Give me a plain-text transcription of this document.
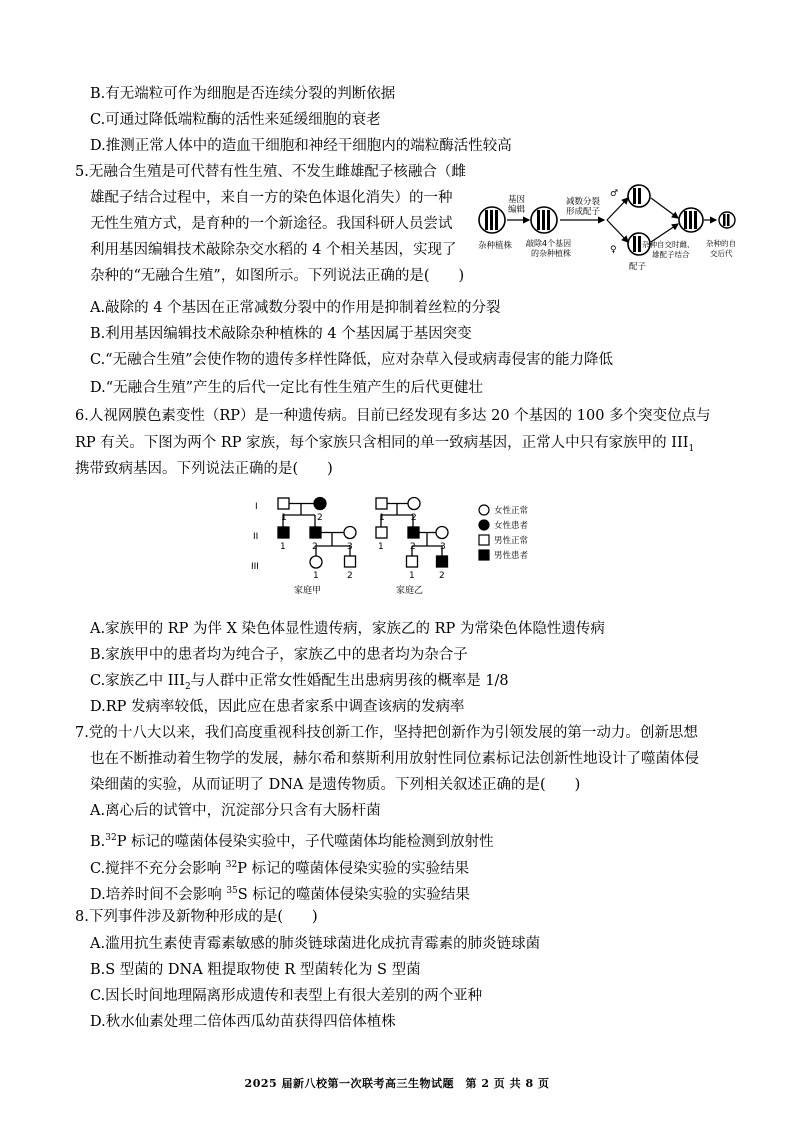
B.有无端粒可作为细胞是否连续分裂的判断依据
C.可通过降低端粒酶的活性来延缓细胞的衰老
D.推测正常人体中的造血干细胞和神经干细胞内的端粒酶活性较高
5.无融合生殖是可代替有性生殖、不发生雌雄配子核融合（雌
雄配子结合过程中，来自一方的染色体退化消失）的一种
无性生殖方式，是育种的一个新途径。我国科研人员尝试
利用基因编辑技术敲除杂交水稻的 4 个相关基因，实现了
杂种的“无融合生殖”，如图所示。下列说法正确的是(　　)
杂种植株
基因
编辑
敲除4个基因
的杂种植株
减数分裂
形成配子
♂
♀
配子
杂种自交时雌、
雄配子结合
杂种的自
交后代
A.敲除的 4 个基因在正常减数分裂中的作用是抑制着丝粒的分裂
B.利用基因编辑技术敲除杂种植株的 4 个基因属于基因突变
C.“无融合生殖”会使作物的遗传多样性降低，应对杂草入侵或病毒侵害的能力降低
D.“无融合生殖”产生的后代一定比有性生殖产生的后代更健壮
6.人视网膜色素变性（RP）是一种遗传病。目前已经发现有多达 20 个基因的 100 多个突变位点与
RP 有关。下图为两个 RP 家族，每个家族只含相同的单一致病基因，正常人中只有家族甲的 $III_1$
携带致病基因。下列说法正确的是(　　)
I
II
III
1	2
1	2	3
1	2
家庭甲
1	2
1	2	3
1	2
家庭乙
女性正常
女性患者
男性正常
男性患者
A.家族甲的 RP 为伴 X 染色体显性遗传病，家族乙的 RP 为常染色体隐性遗传病
B.家族甲中的患者均为纯合子，家族乙中的患者均为杂合子
C.家族乙中 $III_2$与人群中正常女性婚配生出患病男孩的概率是 1/8
D.RP 发病率较低，因此应在患者家系中调查该病的发病率
7.党的十八大以来，我们高度重视科技创新工作，坚持把创新作为引领发展的第一动力。创新思想
也在不断推动着生物学的发展，赫尔希和蔡斯利用放射性同位素标记法创新性地设计了噬菌体侵
染细菌的实验，从而证明了 DNA 是遗传物质。下列相关叙述正确的是(　　)
A.离心后的试管中，沉淀部分只含有大肠杆菌
B.$^{32}$P 标记的噬菌体侵染实验中，子代噬菌体均能检测到放射性
C.搅拌不充分会影响 $^{32}$P 标记的噬菌体侵染实验的实验结果
D.培养时间不会影响 $^{35}$S 标记的噬菌体侵染实验的实验结果
8.下列事件涉及新物种形成的是(　　)
A.滥用抗生素使青霉素敏感的肺炎链球菌进化成抗青霉素的肺炎链球菌
B.S 型菌的 DNA 粗提取物使 R 型菌转化为 S 型菌
C.因长时间地理隔离形成遗传和表型上有很大差别的两个亚种
D.秋水仙素处理二倍体西瓜幼苗获得四倍体植株
2025 届新八校第一次联考高三生物试题　第 2 页 共 8 页
